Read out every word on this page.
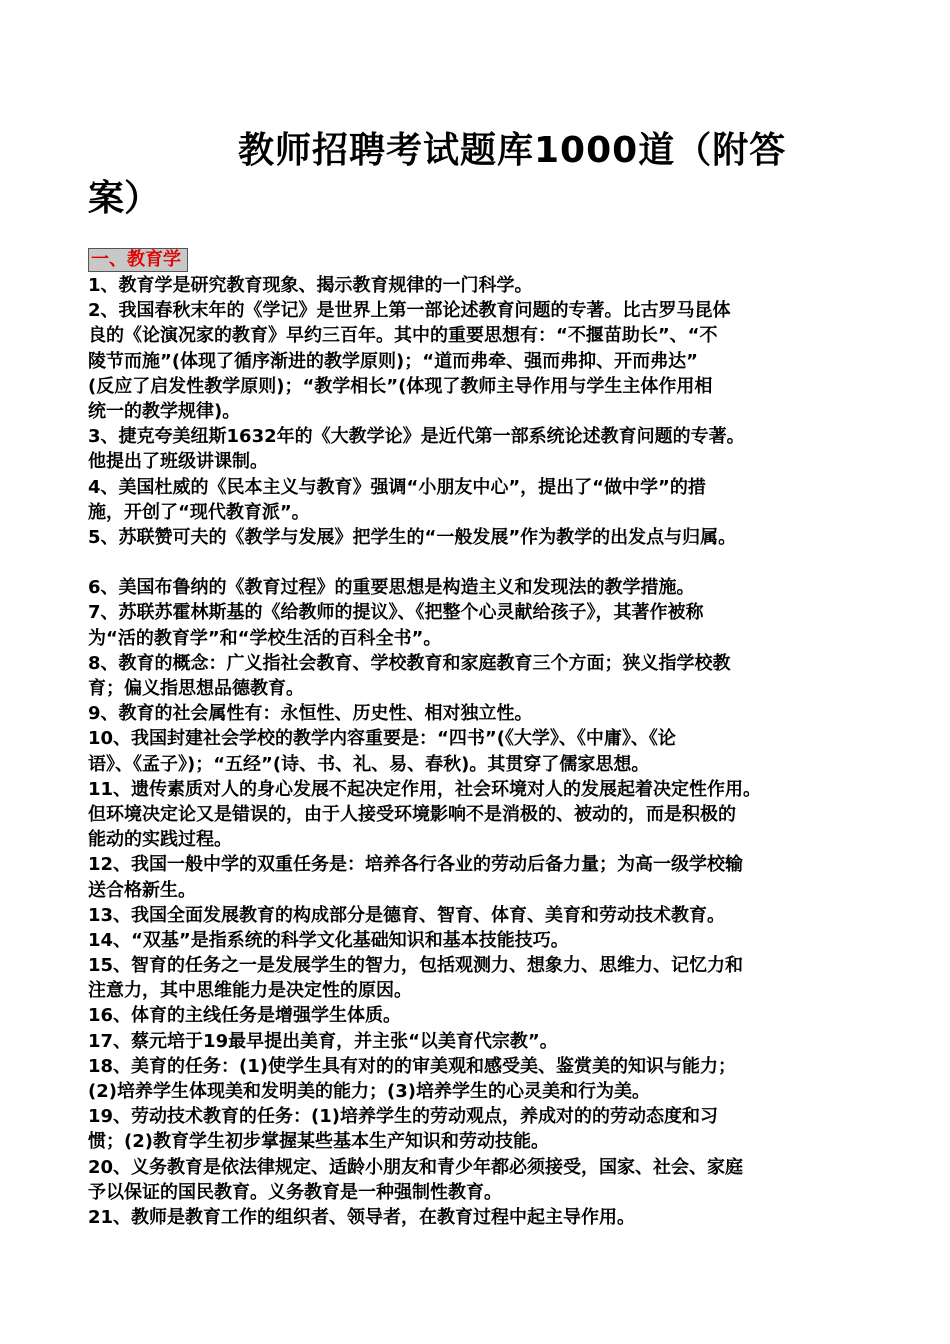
教师招聘考试题库1000道（附答
案）
一、教育学
1、教育学是研究教育现象、揭示教育规律的一门科学。
2、我国春秋末年的《学记》是世界上第一部论述教育问题的专著。比古罗马昆体
良的《论演况家的教育》早约三百年。其中的重要思想有：“不揠苗助长”、“不
陵节而施”(体现了循序渐进的教学原则)；“道而弗牵、强而弗抑、开而弗达”
(反应了启发性教学原则)；“教学相长”(体现了教师主导作用与学生主体作用相
统一的教学规律)。
3、捷克夸美纽斯1632年的《大教学论》是近代第一部系统论述教育问题的专著。
他提出了班级讲课制。
4、美国杜威的《民本主义与教育》强调“小朋友中心”，提出了“做中学”的措
施，开创了“现代教育派”。
5、苏联赞可夫的《教学与发展》把学生的“一般发展”作为教学的出发点与归属。
6、美国布鲁纳的《教育过程》的重要思想是构造主义和发现法的教学措施。
7、苏联苏霍林斯基的《给教师的提议》、《把整个心灵献给孩子》，其著作被称
为“活的教育学”和“学校生活的百科全书”。
8、教育的概念：广义指社会教育、学校教育和家庭教育三个方面；狭义指学校教
育；偏义指思想品德教育。
9、教育的社会属性有：永恒性、历史性、相对独立性。
10、我国封建社会学校的教学内容重要是：“四书”(《大学》、《中庸》、《论
语》、《孟子》)；“五经”(诗、书、礼、易、春秋)。其贯穿了儒家思想。
11、遗传素质对人的身心发展不起决定作用，社会环境对人的发展起着决定性作用。
但环境决定论又是错误的，由于人接受环境影响不是消极的、被动的，而是积极的
能动的实践过程。
12、我国一般中学的双重任务是：培养各行各业的劳动后备力量；为高一级学校输
送合格新生。
13、我国全面发展教育的构成部分是德育、智育、体育、美育和劳动技术教育。
14、“双基”是指系统的科学文化基础知识和基本技能技巧。
15、智育的任务之一是发展学生的智力，包括观测力、想象力、思维力、记忆力和
注意力，其中思维能力是决定性的原因。
16、体育的主线任务是增强学生体质。
17、蔡元培于19最早提出美育，并主张“以美育代宗教”。
18、美育的任务：(1)使学生具有对的的审美观和感受美、鉴赏美的知识与能力；
(2)培养学生体现美和发明美的能力；(3)培养学生的心灵美和行为美。
19、劳动技术教育的任务：(1)培养学生的劳动观点，养成对的的劳动态度和习
惯；(2)教育学生初步掌握某些基本生产知识和劳动技能。
20、义务教育是依法律规定、适龄小朋友和青少年都必须接受，国家、社会、家庭
予以保证的国民教育。义务教育是一种强制性教育。
21、教师是教育工作的组织者、领导者，在教育过程中起主导作用。
